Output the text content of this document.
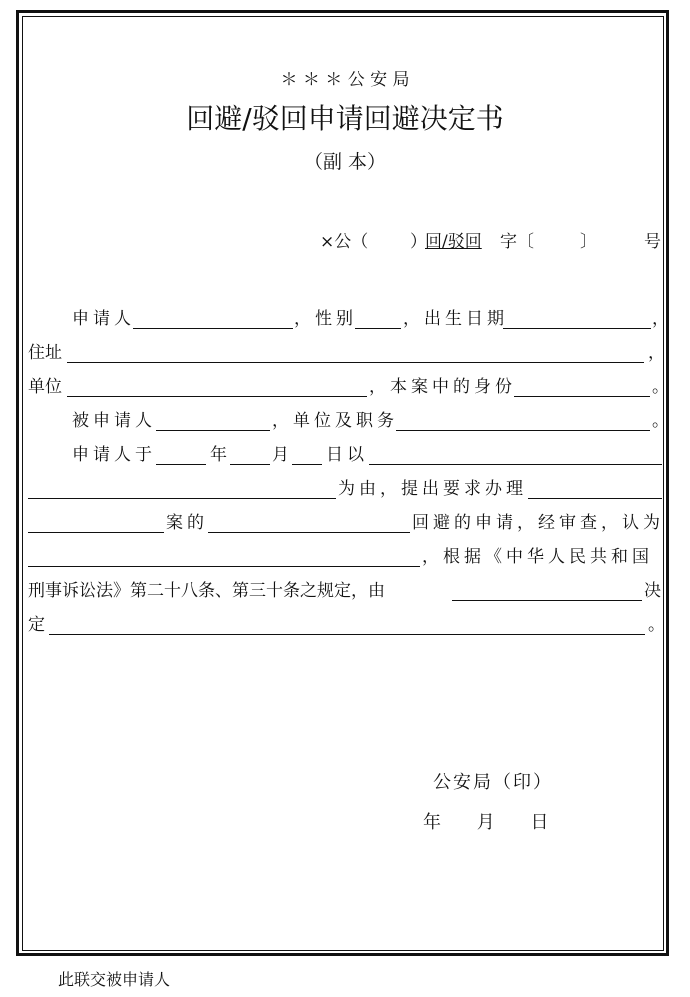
＊ ＊ ＊ 公 安 局
回避/驳回申请回避决定书
（副 本）
×公（ ）
回/驳回 字〔	〕	号
申请人	，性别	，出生日期	，
住址	，
单位	，本案中的身份	。
被申请人	，单位及职务	。
申请人于	年	月 日以
为由，提出要求办理
案的	回避的申请，经审查，认为
，根据《中华人民共和国
刑事诉讼法》第二十八条、第三十条之规定，由	决
定	。
公安局（印）
年　 月　 日
此联交被申请人
